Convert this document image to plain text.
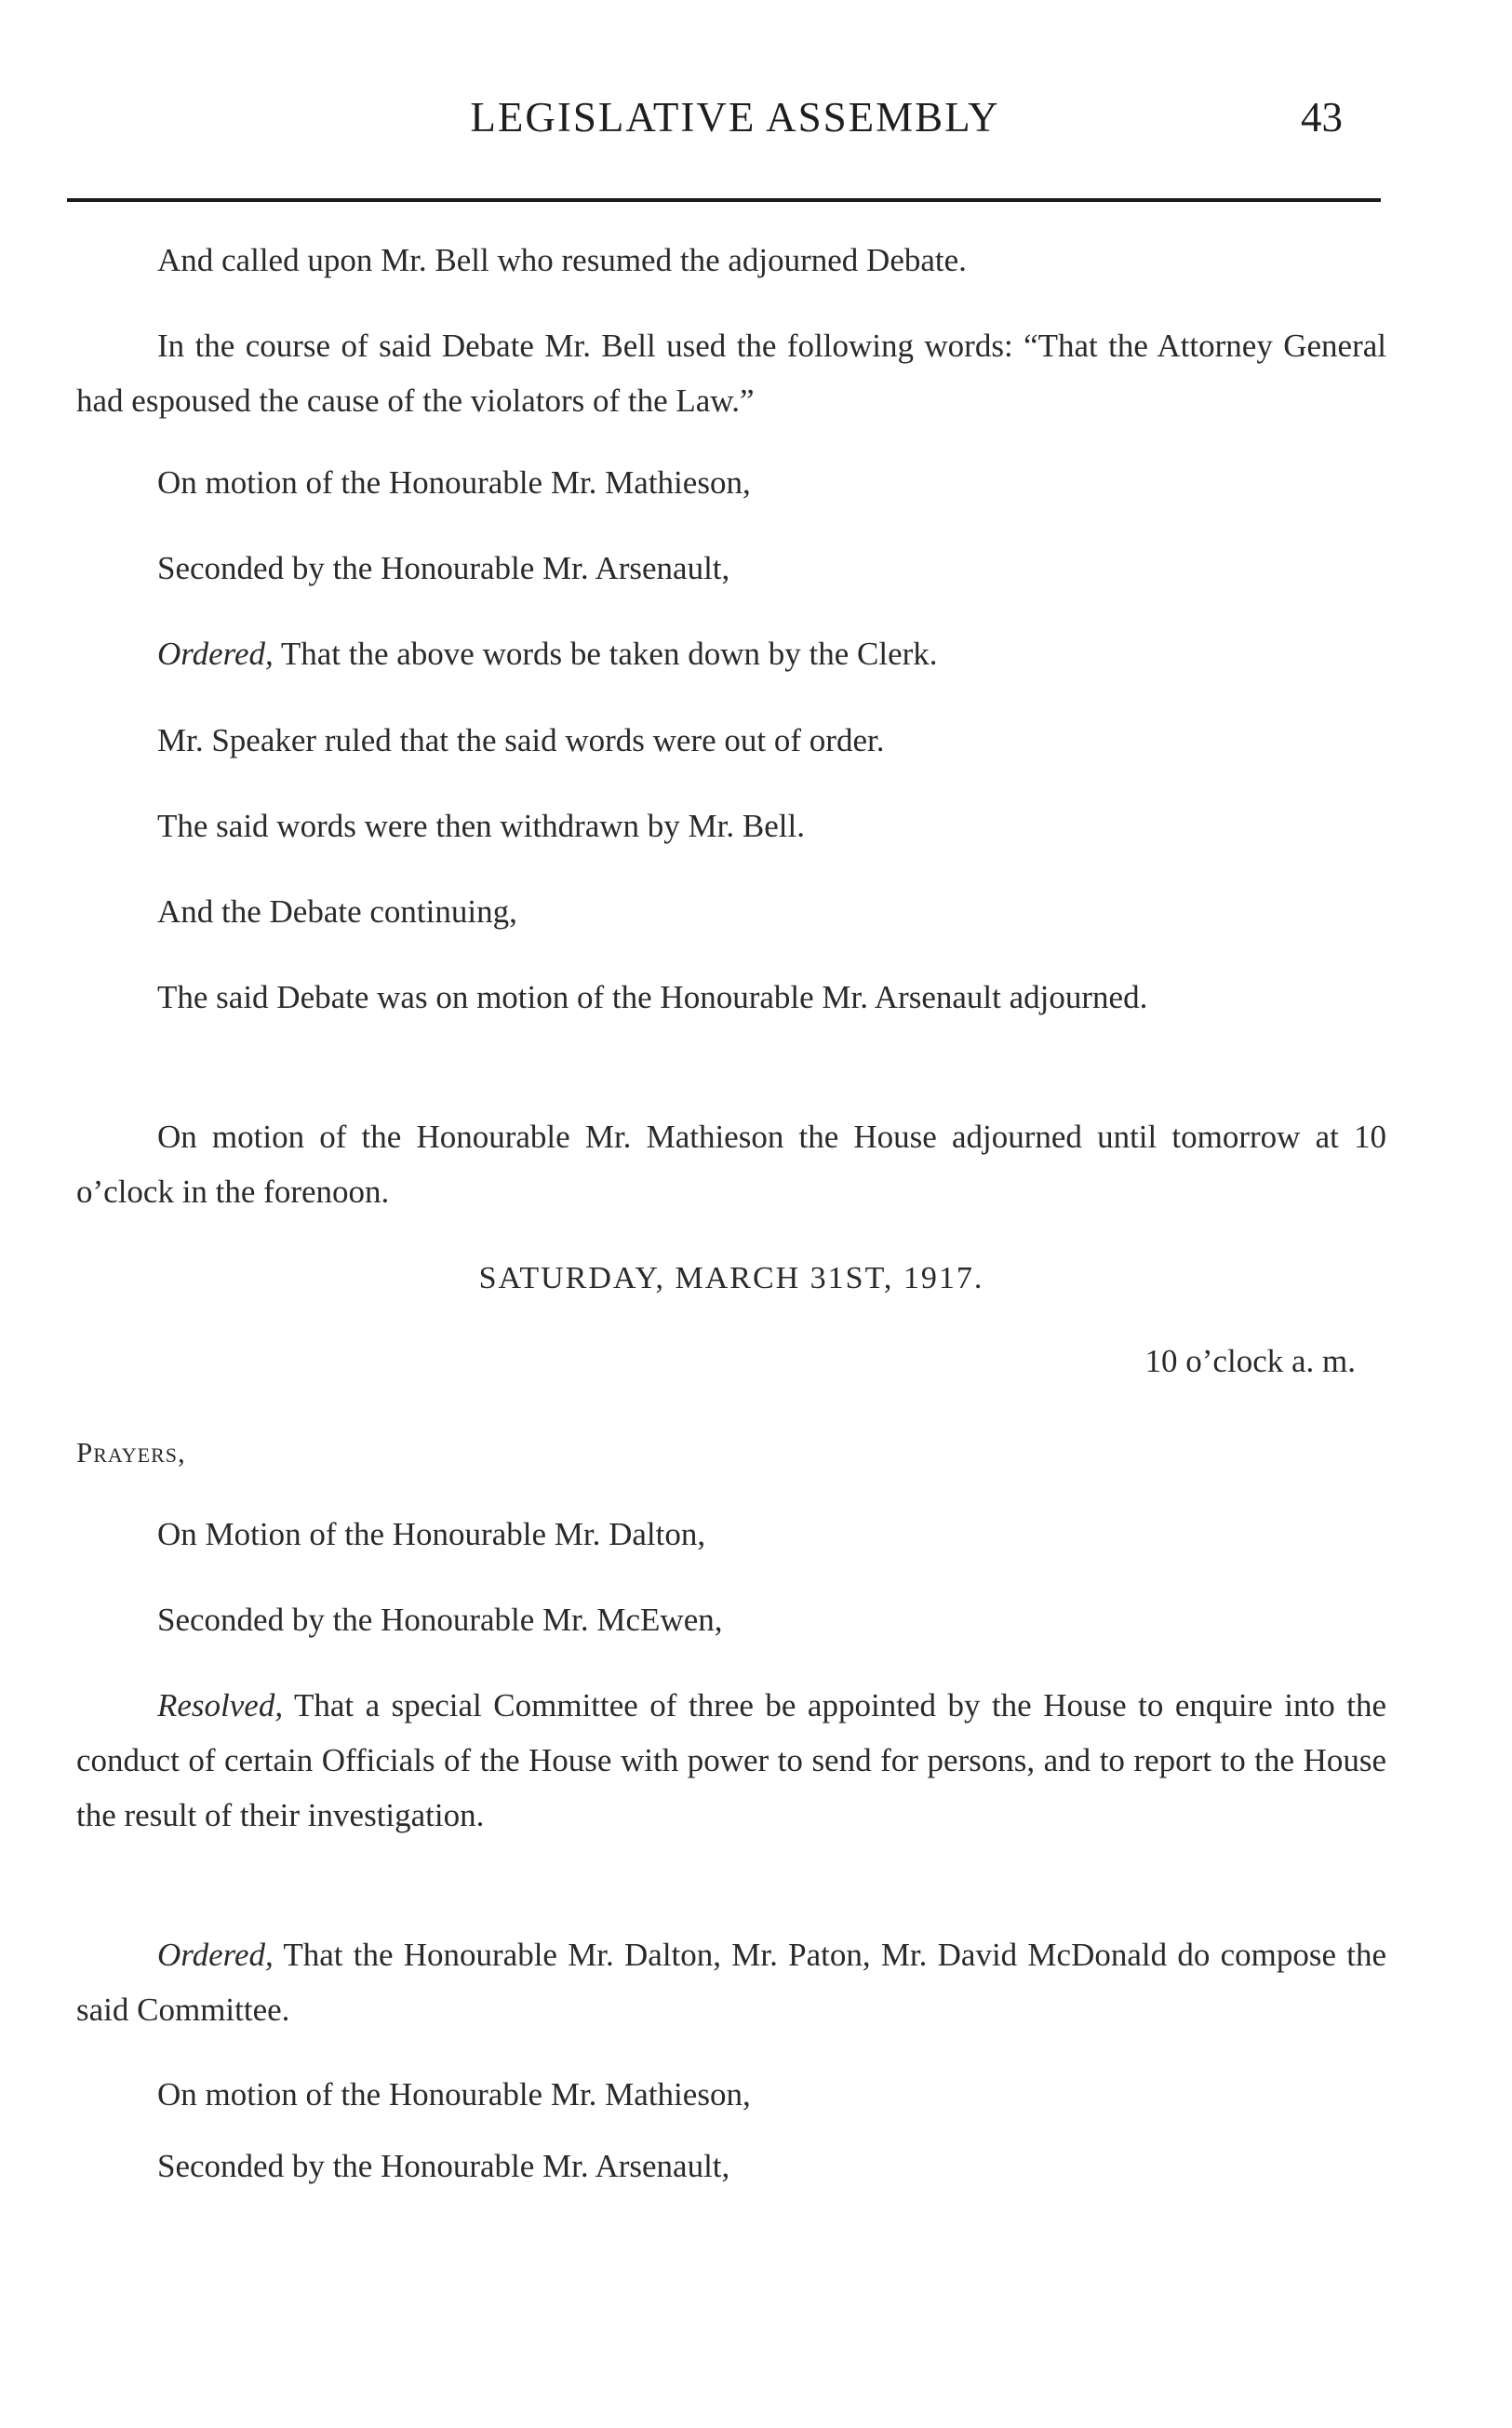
LEGISLATIVE ASSEMBLY	43

And called upon Mr. Bell who resumed the adjourned Debate.

In the course of said Debate Mr. Bell used the following words: “That the Attorney General had espoused the cause of the violators of the Law.”

On motion of the Honourable Mr. Mathieson,

Seconded by the Honourable Mr. Arsenault,

Ordered, That the above words be taken down by the Clerk.

Mr. Speaker ruled that the said words were out of order.

The said words were then withdrawn by Mr. Bell.

And the Debate continuing,

The said Debate was on motion of the Honourable Mr. Arsenault adjourned.

On motion of the Honourable Mr. Mathieson the House adjourned until tomorrow at 10 o’clock in the forenoon.

SATURDAY, MARCH 31ST, 1917.
10 o’clock a. m.

Prayers,

On Motion of the Honourable Mr. Dalton,

Seconded by the Honourable Mr. McEwen,

Resolved, That a special Committee of three be appointed by the House to enquire into the conduct of certain Officials of the House with power to send for persons, and to report to the House the result of their investigation.

Ordered, That the Honourable Mr. Dalton, Mr. Paton, Mr. David McDonald do compose the said Committee.

On motion of the Honourable Mr. Mathieson,

Seconded by the Honourable Mr. Arsenault,
